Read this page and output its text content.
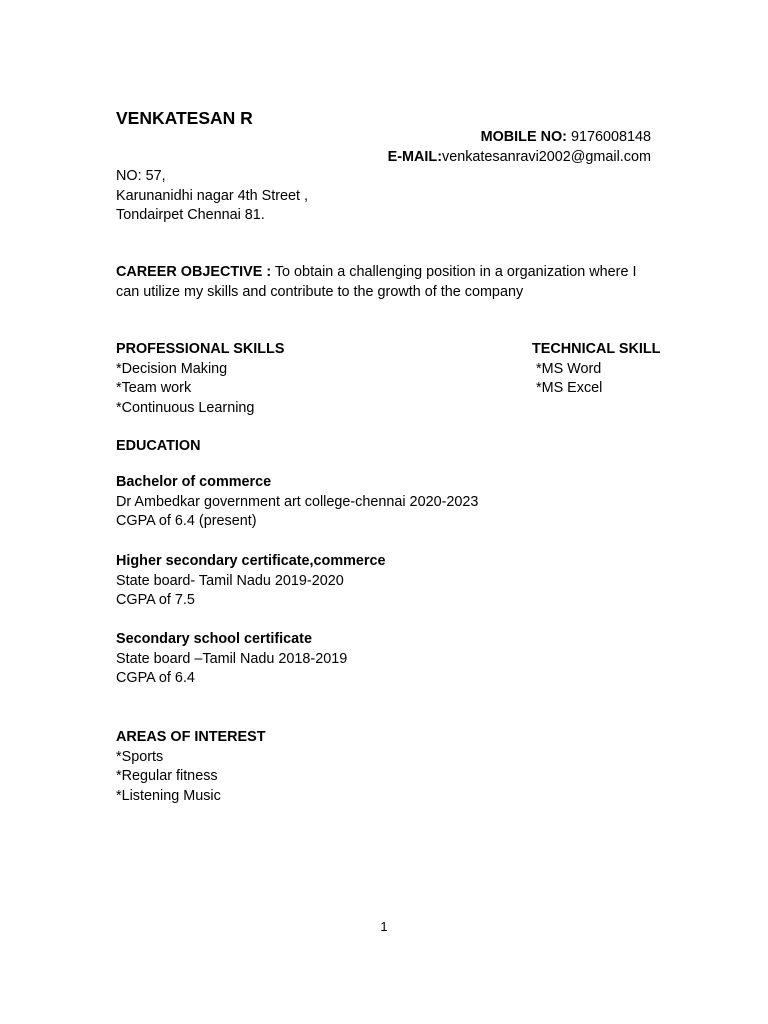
VENKATESAN R
MOBILE NO: 9176008148
E-MAIL:venkatesanravi2002@gmail.com
NO: 57,
Karunanidhi nagar 4th Street ,
Tondairpet Chennai 81.
CAREER OBJECTIVE : To obtain a challenging position in a organization where I can utilize my skills and contribute to the growth of the company
PROFESSIONAL SKILLS
*Decision Making
*Team work
*Continuous Learning
TECHNICAL SKILL
*MS Word
*MS Excel
EDUCATION
Bachelor of commerce
Dr Ambedkar government art college-chennai 2020-2023
CGPA of 6.4 (present)
Higher secondary certificate,commerce
State board- Tamil Nadu 2019-2020
CGPA of 7.5
Secondary school certificate
State board –Tamil Nadu 2018-2019
CGPA of 6.4
AREAS OF INTEREST
*Sports
*Regular fitness
*Listening Music
1
